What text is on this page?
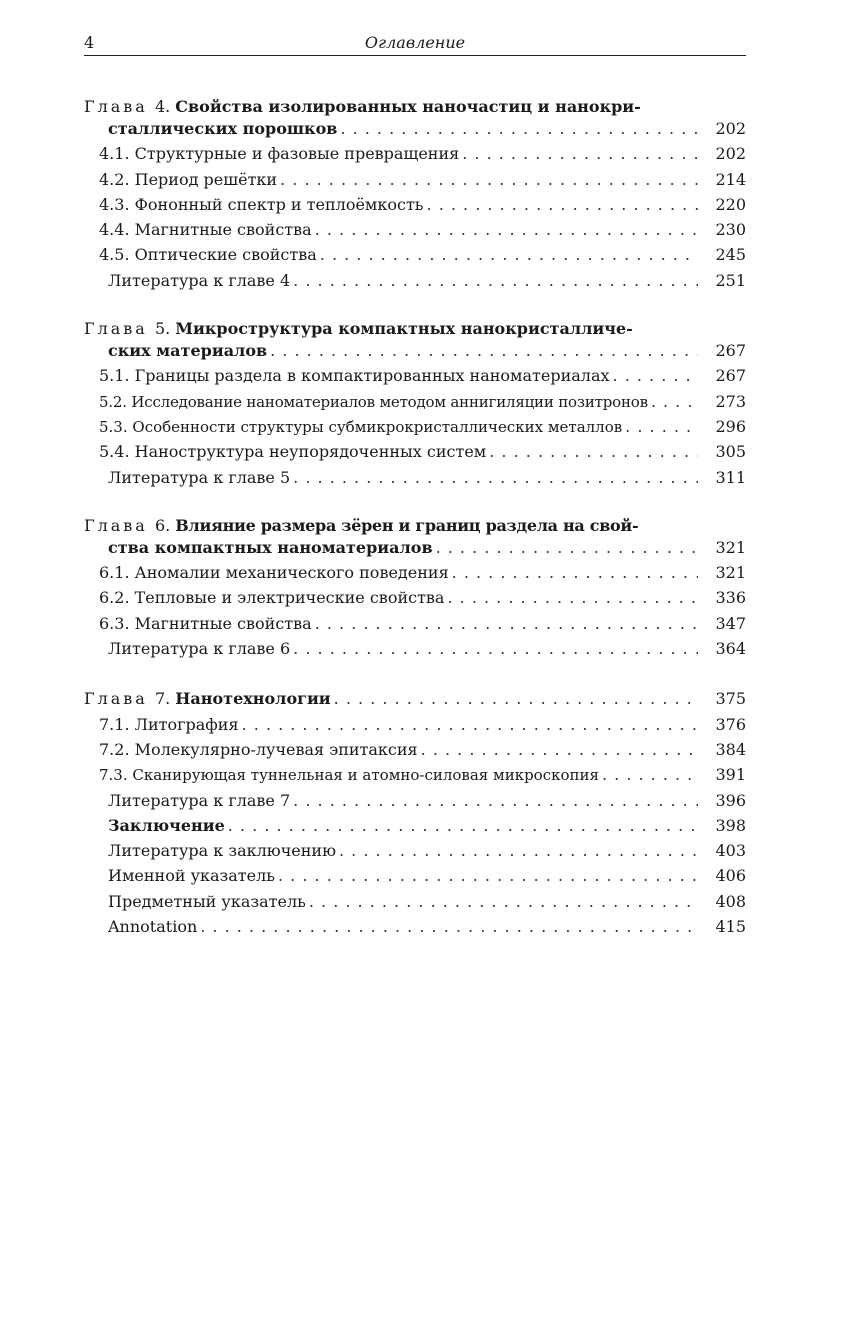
4	Оглавление
Глава 4. Свойства изолированных наночастиц и нанокри-
сталлических порошков . . .	202
4.1. Структурные и фазовые превращения . . .	202
4.2. Период решётки . . .	214
4.3. Фононный спектр и теплоёмкость . . .	220
4.4. Магнитные свойства . . .	230
4.5. Оптические свойства . . .	245
Литература к главе 4 . . .	251
Глава 5. Микроструктура компактных нанокристалличе-
ских материалов . . .	267
5.1. Границы раздела в компактированных наноматериалах . . .	267
5.2. Исследование наноматериалов методом аннигиляции позитронов . . .	273
5.3. Особенности структуры субмикрокристаллических металлов . . .	296
5.4. Наноструктура неупорядоченных систем . . .	305
Литература к главе 5 . . .	311
Глава 6. Влияние размера зёрен и границ раздела на свой-
ства компактных наноматериалов . . .	321
6.1. Аномалии механического поведения . . .	321
6.2. Тепловые и электрические свойства . . .	336
6.3. Магнитные свойства . . .	347
Литература к главе 6 . . .	364
Глава 7. Нанотехнологии . . .	375
7.1. Литография . . .	376
7.2. Молекулярно-лучевая эпитаксия . . .	384
7.3. Сканирующая туннельная и атомно-силовая микроскопия . . .	391
Литература к главе 7 . . .	396
Заключение . . .	398
Литература к заключению . . .	403
Именной указатель . . .	406
Предметный указатель . . .	408
Annotation . . .	415
